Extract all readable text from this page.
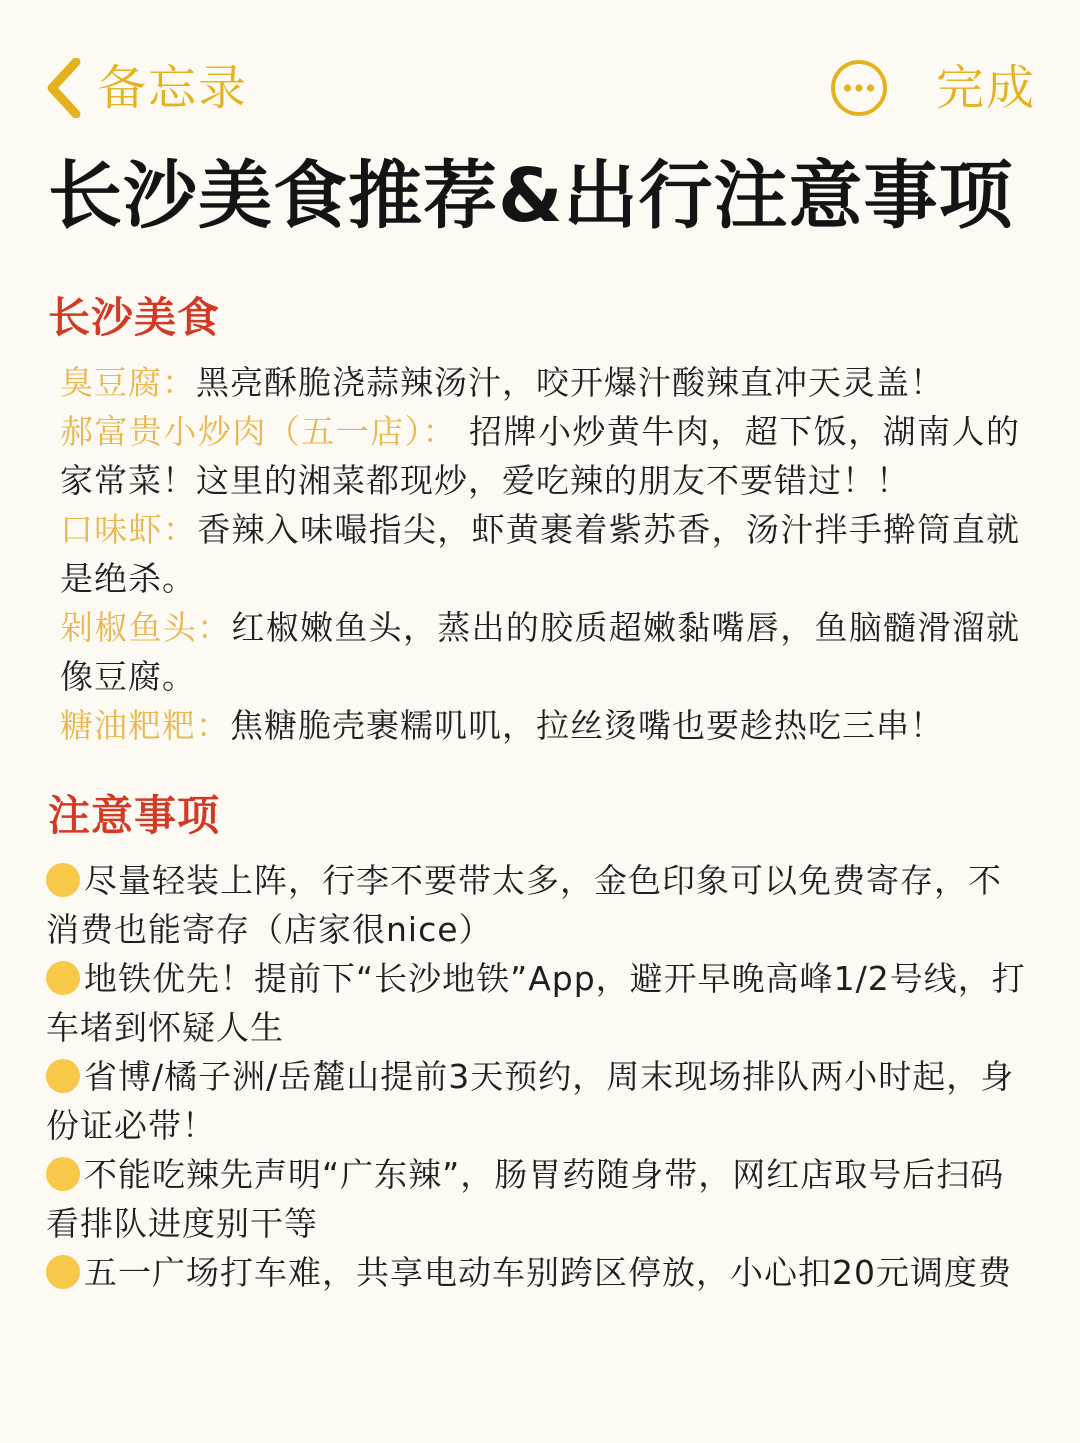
备忘录	完成
长沙美食推荐&出行注意事项
长沙美食
臭豆腐：黑亮酥脆浇蒜辣汤汁，咬开爆汁酸辣直冲天灵盖！
郝富贵小炒肉（五一店）： 招牌小炒黄牛肉，超下饭，湖南人的家常菜！这里的湘菜都现炒，爱吃辣的朋友不要错过！！
口味虾：香辣入味嘬指尖，虾黄裹着紫苏香，汤汁拌手擀筒直就是绝杀。
剁椒鱼头：红椒嫩鱼头，蒸出的胶质超嫩黏嘴唇，鱼脑髓滑溜就像豆腐。
糖油粑粑：焦糖脆壳裹糯叽叽，拉丝烫嘴也要趁热吃三串！
注意事项
尽量轻装上阵，行李不要带太多，金色印象可以免费寄存，不消费也能寄存（店家很nice）
地铁优先！提前下“长沙地铁”App，避开早晚高峰1/2号线，打车堵到怀疑人生
省博/橘子洲/岳麓山提前3天预约，周末现场排队两小时起，身份证必带！
不能吃辣先声明“广东辣”，肠胃药随身带，网红店取号后扫码看排队进度别干等
五一广场打车难，共享电动车别跨区停放，小心扣20元调度费
